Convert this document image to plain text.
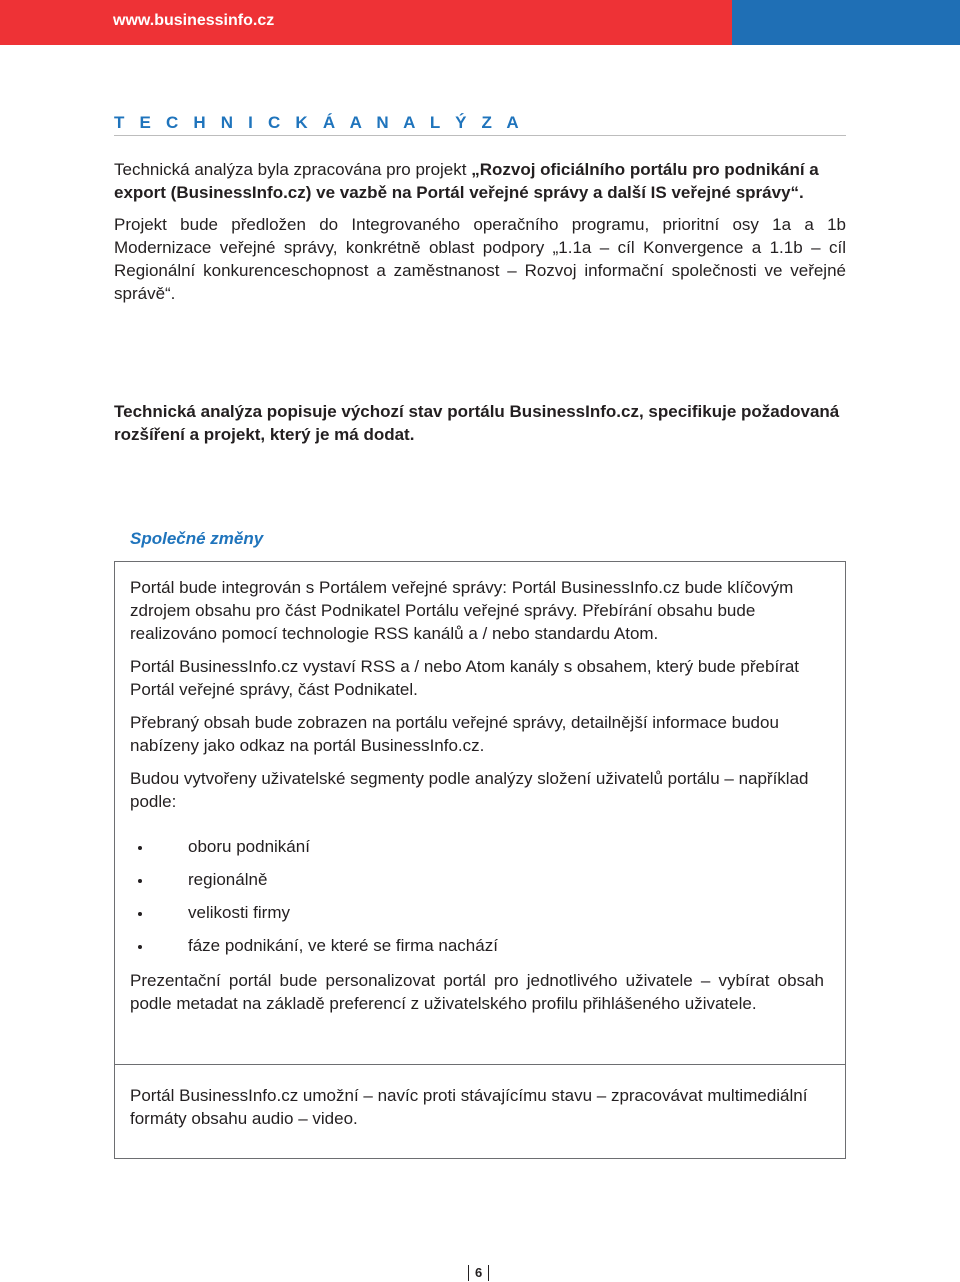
www.businessinfo.cz
T E C H N I C K Á A N A L Ý Z A
Technická analýza byla zpracována pro projekt „Rozvoj oficiálního portálu pro podnikání a export (BusinessInfo.cz) ve vazbě na Portál veřejné správy a další IS veřejné správy“.
Projekt bude předložen do Integrovaného operačního programu, prioritní osy 1a a 1b Modernizace veřejné správy, konkrétně oblast podpory „1.1a – cíl Konvergence a 1.1b – cíl Regionální konkurenceschopnost a zaměstnanost – Rozvoj informační společnosti ve veřejné správě“.
Technická analýza popisuje výchozí stav portálu BusinessInfo.cz, specifikuje požadovaná rozšíření a projekt, který je má dodat.
Společné změny
Portál bude integrován s Portálem veřejné správy: Portál BusinessInfo.cz bude klíčovým zdrojem obsahu pro část Podnikatel Portálu veřejné správy. Přebírání obsahu bude realizováno pomocí technologie RSS kanálů a / nebo standardu Atom.
Portál BusinessInfo.cz vystaví RSS a / nebo Atom kanály s obsahem, který bude přebírat Portál veřejné správy, část Podnikatel.
Přebraný obsah bude zobrazen na portálu veřejné správy, detailnější informace budou nabízeny jako odkaz na portál BusinessInfo.cz.
Budou vytvořeny uživatelské segmenty podle analýzy složení uživatelů portálu – například podle:
oboru podnikání
regionálně
velikosti firmy
fáze podnikání, ve které se firma nachází
Prezentační portál bude personalizovat portál pro jednotlivého uživatele – vybírat obsah podle metadat na základě preferencí z uživatelského profilu přihlášeného uživatele.
Portál BusinessInfo.cz umožní – navíc proti stávajícímu stavu – zpracovávat multimediální formáty obsahu audio – video.
6
